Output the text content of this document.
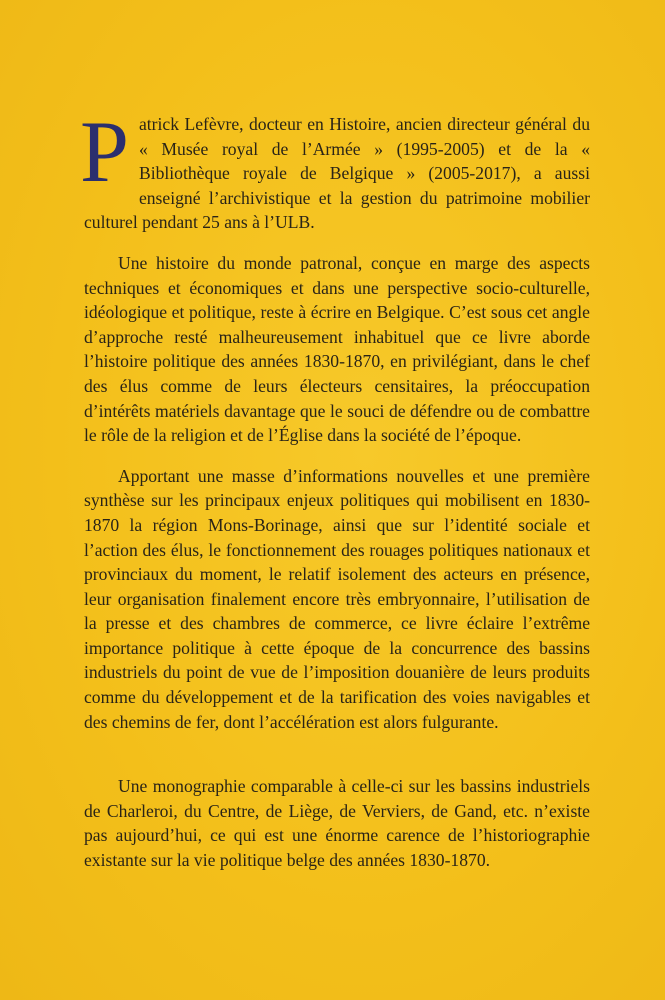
Patrick Lefèvre, docteur en Histoire, ancien directeur général du « Musée royal de l’Armée » (1995-2005) et de la « Bibliothèque royale de Belgique » (2005-2017), a aussi enseigné l’archivistique et la gestion du patrimoine mobilier culturel pendant 25 ans à l’ULB.

Une histoire du monde patronal, conçue en marge des aspects techniques et économiques et dans une perspective socio-culturelle, idéologique et politique, reste à écrire en Belgique. C’est sous cet angle d’approche resté malheureusement inhabituel que ce livre aborde l’histoire politique des années 1830-1870, en privilégiant, dans le chef des élus comme de leurs électeurs censitaires, la préoccupation d’intérêts matériels davantage que le souci de défendre ou de combattre le rôle de la religion et de l’Église dans la société de l’époque.

Apportant une masse d’informations nouvelles et une première synthèse sur les principaux enjeux politiques qui mobilisent en 1830-1870 la région Mons-Borinage, ainsi que sur l’identité sociale et l’action des élus, le fonctionnement des rouages politiques nationaux et provinciaux du moment, le relatif isolement des acteurs en présence, leur organisation finalement encore très embryonnaire, l’utilisation de la presse et des chambres de commerce, ce livre éclaire l’extrême importance politique à cette époque de la concurrence des bassins industriels du point de vue de l’imposition douanière de leurs produits comme du développement et de la tarification des voies navigables et des chemins de fer, dont l’accélération est alors fulgurante.

Une monographie comparable à celle-ci sur les bassins industriels de Charleroi, du Centre, de Liège, de Verviers, de Gand, etc. n’existe pas aujourd’hui, ce qui est une énorme carence de l’historiographie existante sur la vie politique belge des années 1830-1870.
